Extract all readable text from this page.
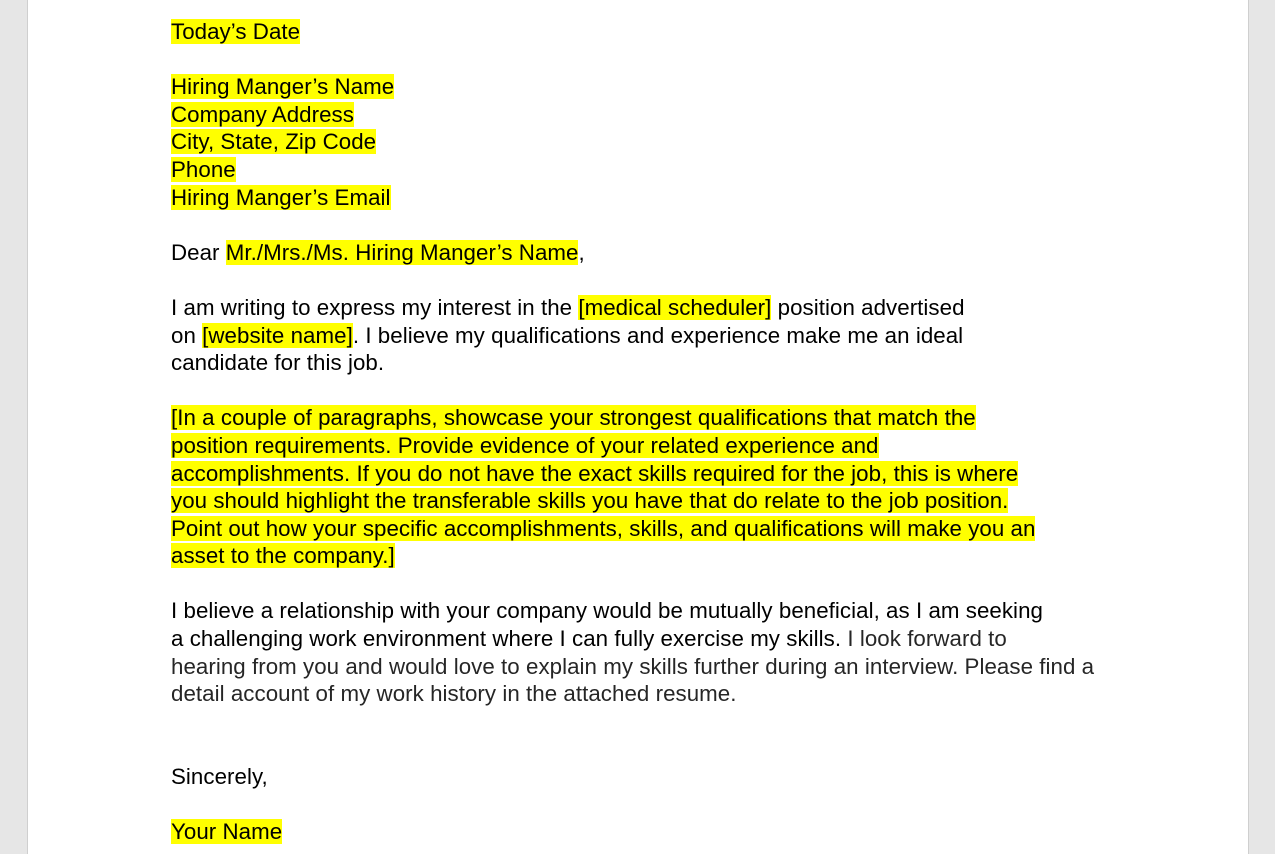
Today’s Date
Hiring Manger’s Name
Company Address
City, State, Zip Code
Phone
Hiring Manger’s Email
Dear Mr./Mrs./Ms. Hiring Manger’s Name,
I am writing to express my interest in the [medical scheduler] position advertised
on [website name]. I believe my qualifications and experience make me an ideal
candidate for this job.
[In a couple of paragraphs, showcase your strongest qualifications that match the
position requirements. Provide evidence of your related experience and
accomplishments. If you do not have the exact skills required for the job, this is where
you should highlight the transferable skills you have that do relate to the job position.
Point out how your specific accomplishments, skills, and qualifications will make you an
asset to the company.]
I believe a relationship with your company would be mutually beneficial, as I am seeking
a challenging work environment where I can fully exercise my skills. I look forward to
hearing from you and would love to explain my skills further during an interview. Please find a
detail account of my work history in the attached resume.
Sincerely,
Your Name
